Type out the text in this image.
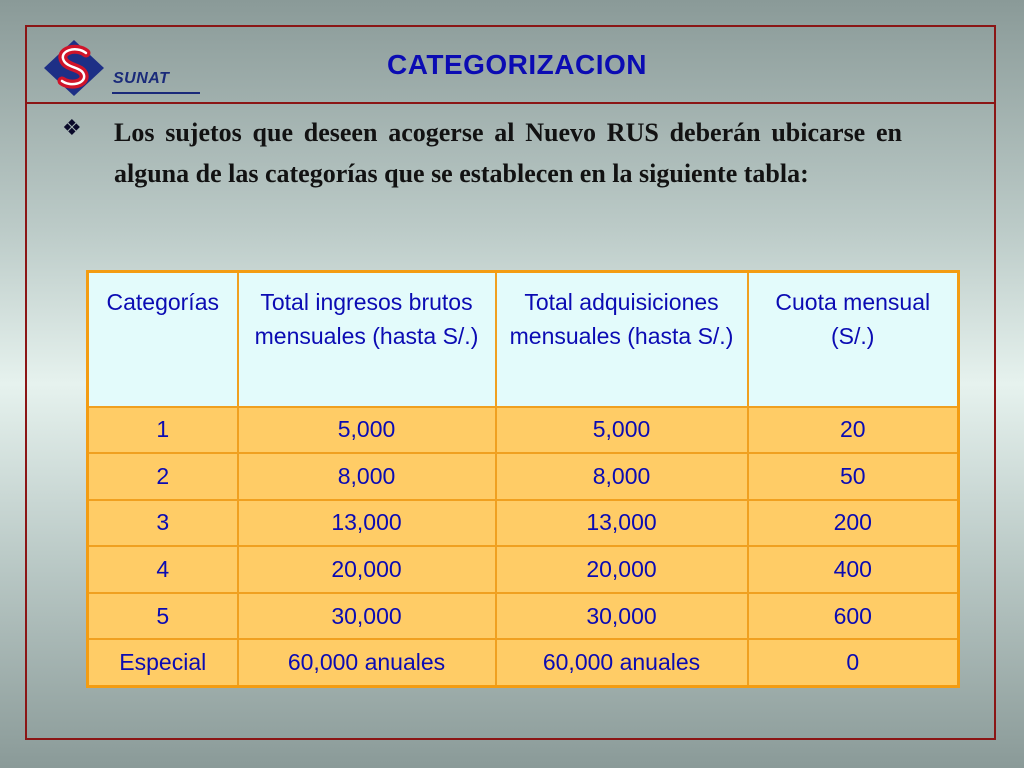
SUNAT	CATEGORIZACION
❖ Los sujetos que deseen acogerse al Nuevo RUS deberán ubicarse en alguna de las categorías que se establecen en la siguiente tabla:
Categorías	Total ingresos brutos mensuales (hasta S/.)	Total adquisiciones mensuales (hasta S/.)	Cuota mensual (S/.)
1	5,000	5,000	20
2	8,000	8,000	50
3	13,000	13,000	200
4	20,000	20,000	400
5	30,000	30,000	600
Especial	60,000 anuales	60,000 anuales	0
